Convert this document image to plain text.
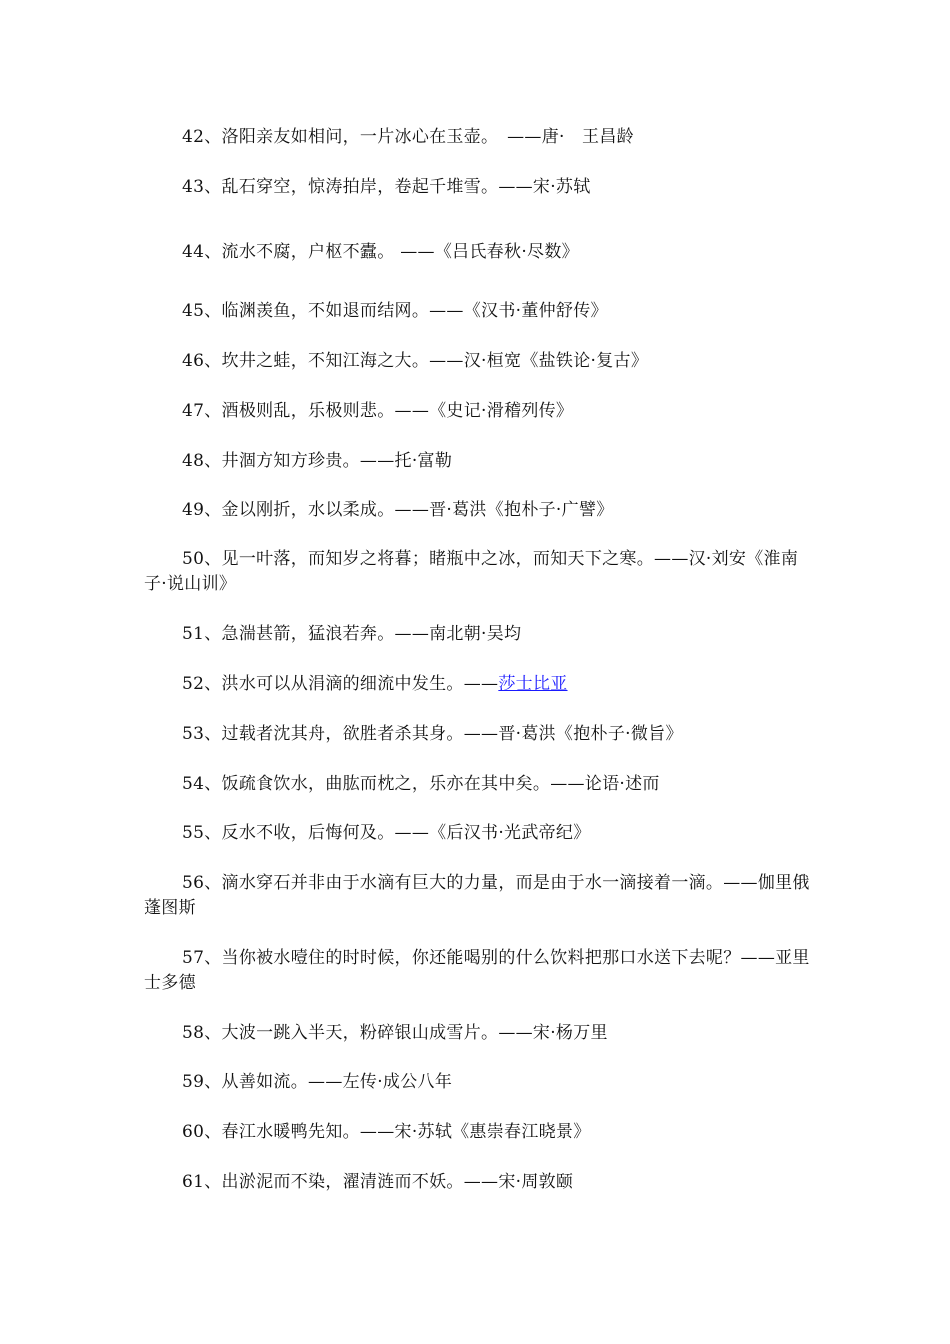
42、洛阳亲友如相问，一片冰心在玉壶。　——唐·　王昌龄

43、乱石穿空，惊涛拍岸，卷起千堆雪。——宋·苏轼

44、流水不腐，户枢不蠹。 ——《吕氏春秋·尽数》

45、临渊羡鱼，不如退而结网。——《汉书·董仲舒传》

46、坎井之蛙，不知江海之大。——汉·桓宽《盐铁论·复古》

47、酒极则乱，乐极则悲。——《史记·滑稽列传》

48、井涸方知方珍贵。——托·富勒

49、金以刚折，水以柔成。——晋·葛洪《抱朴子·广譬》

50、见一叶落，而知岁之将暮；睹瓶中之冰，而知天下之寒。——汉·刘安《淮南子·说山训》

51、急湍甚箭，猛浪若奔。——南北朝·吴均

52、洪水可以从涓滴的细流中发生。——莎士比亚

53、过载者沈其舟，欲胜者杀其身。——晋·葛洪《抱朴子·微旨》

54、饭疏食饮水，曲肱而枕之，乐亦在其中矣。——论语·述而

55、反水不收，后悔何及。——《后汉书·光武帝纪》

56、滴水穿石并非由于水滴有巨大的力量，而是由于水一滴接着一滴。——伽里俄蓬图斯

57、当你被水噎住的时时候，你还能喝别的什么饮料把那口水送下去呢？——亚里士多德

58、大波一跳入半天，粉碎银山成雪片。——宋·杨万里

59、从善如流。——左传·成公八年

60、春江水暖鸭先知。——宋·苏轼《惠崇春江晓景》

61、出淤泥而不染，濯清涟而不妖。——宋·周敦颐
